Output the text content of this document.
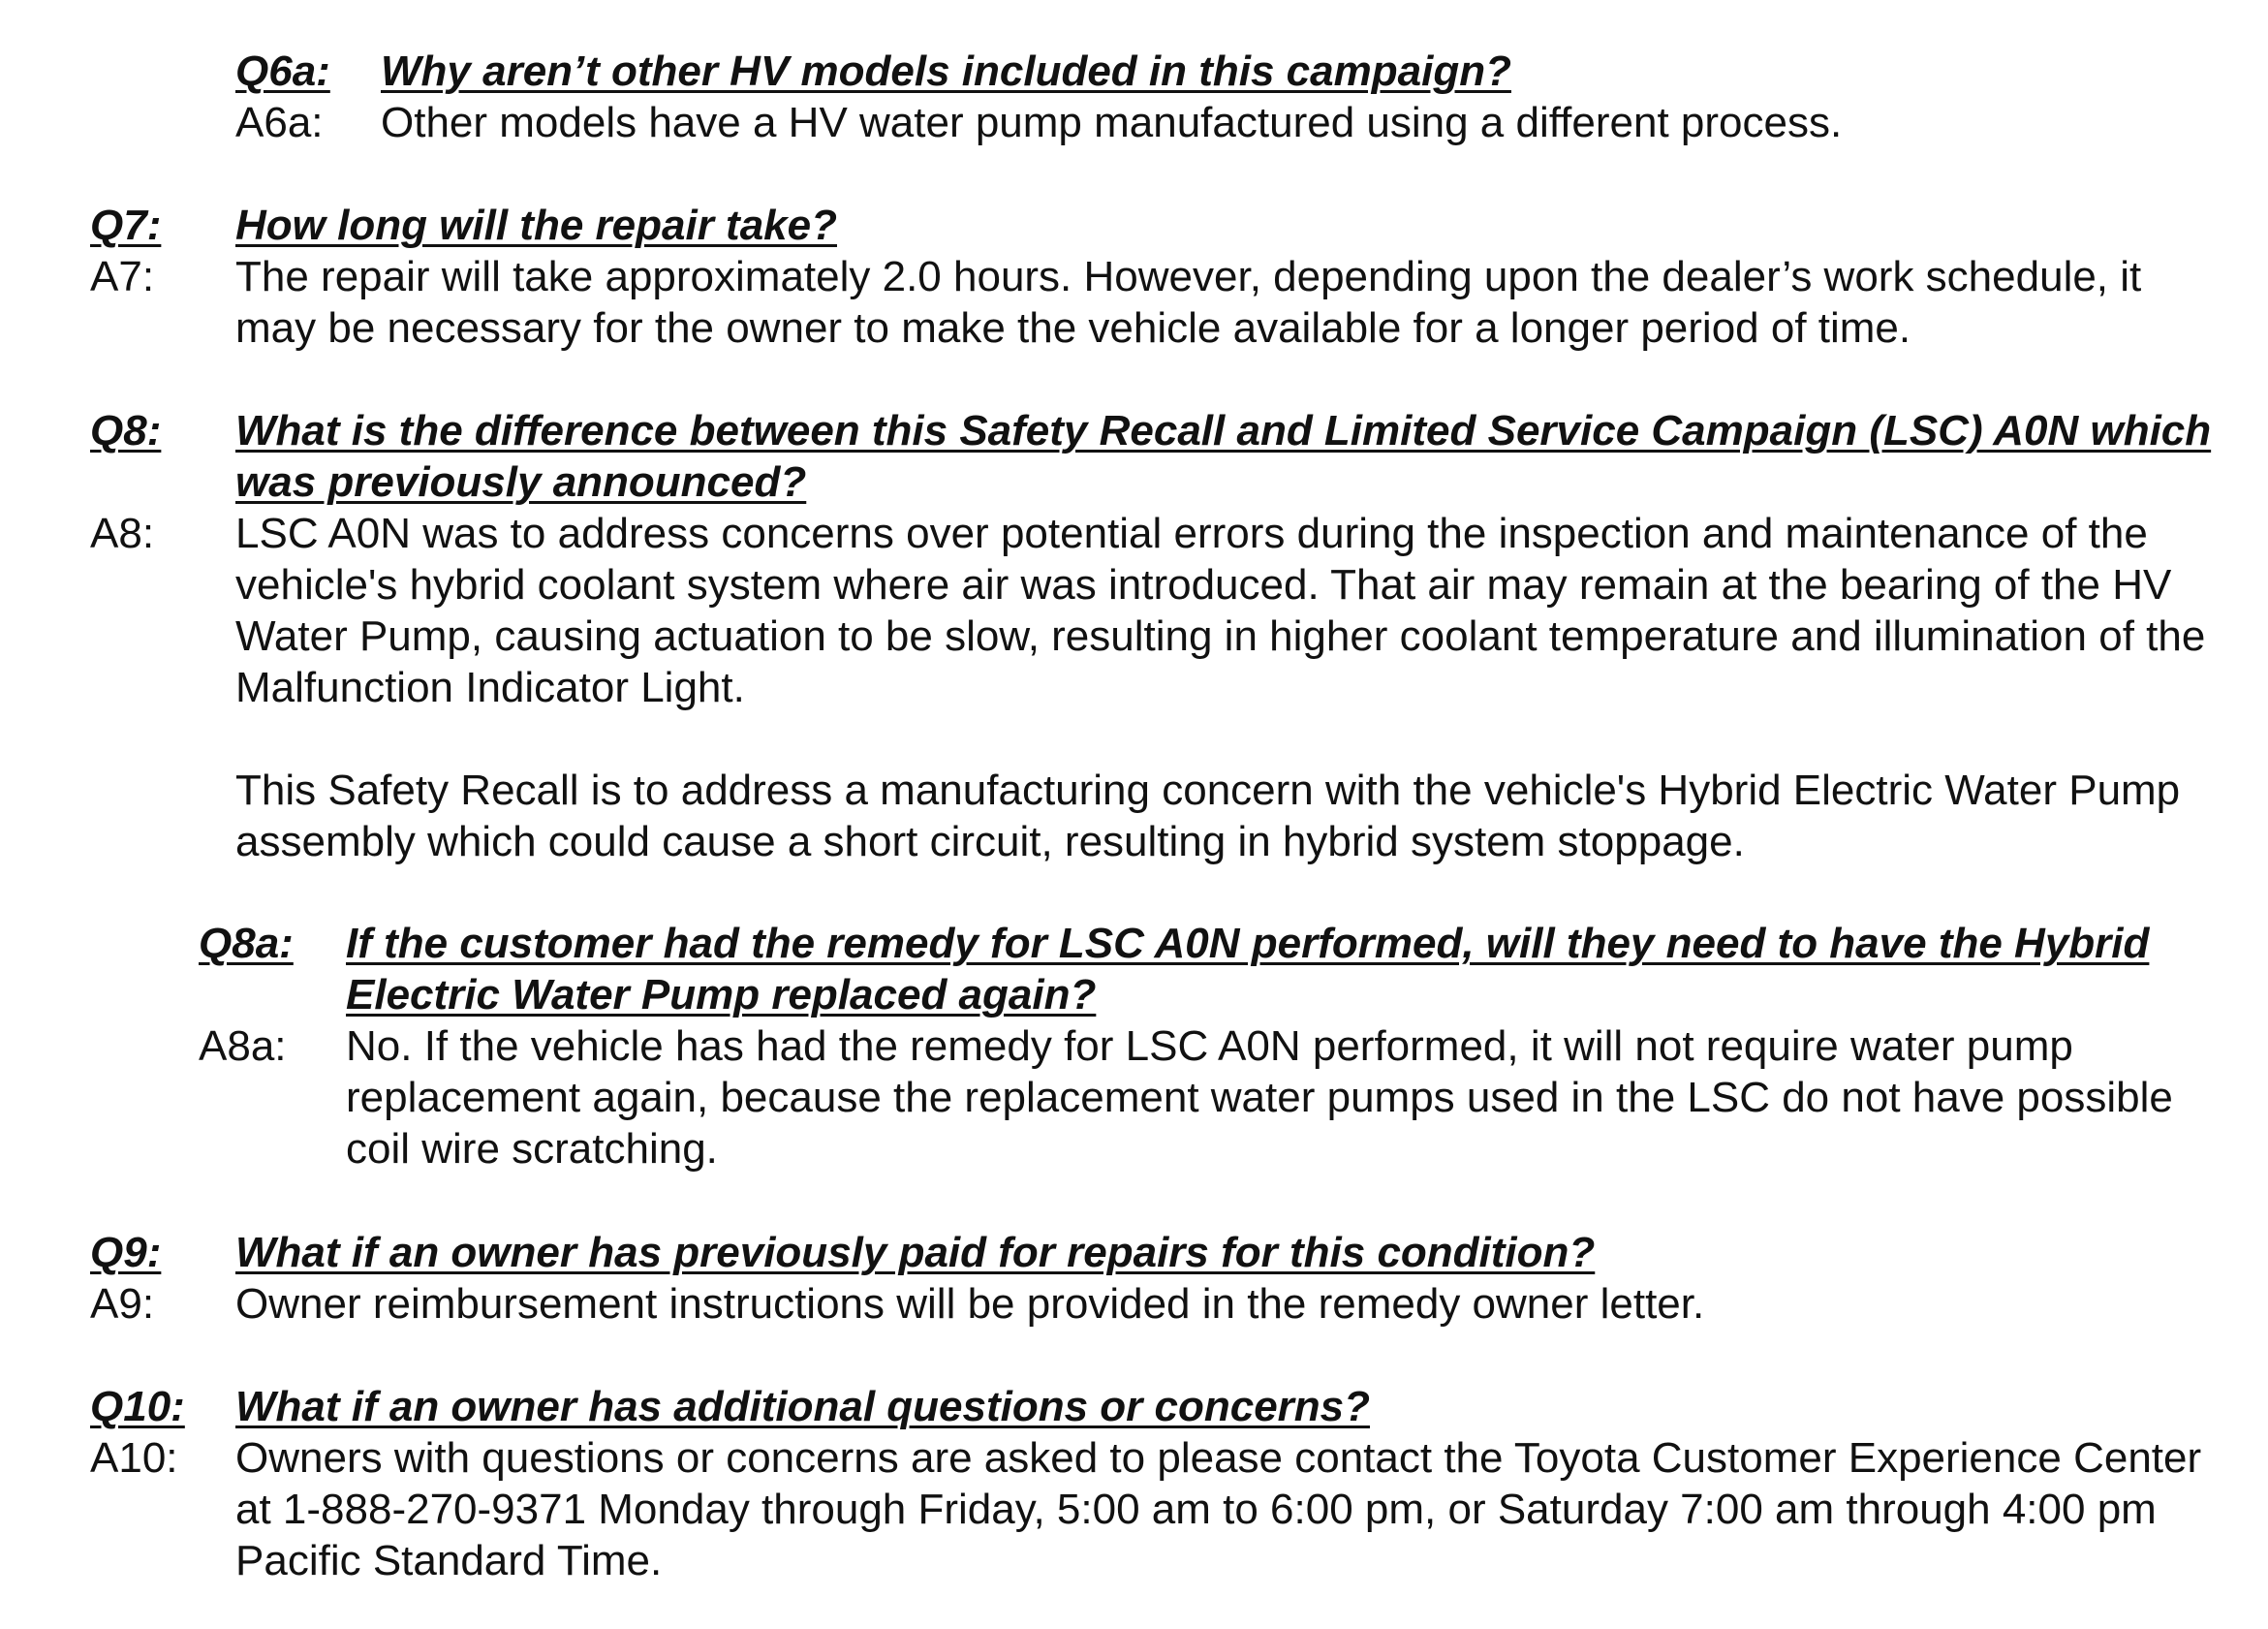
Q6a:	Why aren’t other HV models included in this campaign?
A6a:	Other models have a HV water pump manufactured using a different process.
Q7:	How long will the repair take?
A7:	The repair will take approximately 2.0 hours. However, depending upon the dealer’s work schedule, it may be necessary for the owner to make the vehicle available for a longer period of time.
Q8:	What is the difference between this Safety Recall and Limited Service Campaign (LSC) A0N which was previously announced?
A8:	LSC A0N was to address concerns over potential errors during the inspection and maintenance of the vehicle's hybrid coolant system where air was introduced. That air may remain at the bearing of the HV Water Pump, causing actuation to be slow, resulting in higher coolant temperature and illumination of the Malfunction Indicator Light.
This Safety Recall is to address a manufacturing concern with the vehicle's Hybrid Electric Water Pump assembly which could cause a short circuit, resulting in hybrid system stoppage.
Q8a:	If the customer had the remedy for LSC A0N performed, will they need to have the Hybrid Electric Water Pump replaced again?
A8a:	No. If the vehicle has had the remedy for LSC A0N performed, it will not require water pump replacement again, because the replacement water pumps used in the LSC do not have possible coil wire scratching.
Q9:	What if an owner has previously paid for repairs for this condition?
A9:	Owner reimbursement instructions will be provided in the remedy owner letter.
Q10:	What if an owner has additional questions or concerns?
A10:	Owners with questions or concerns are asked to please contact the Toyota Customer Experience Center at 1-888-270-9371 Monday through Friday, 5:00 am to 6:00 pm, or Saturday 7:00 am through 4:00 pm Pacific Standard Time.
